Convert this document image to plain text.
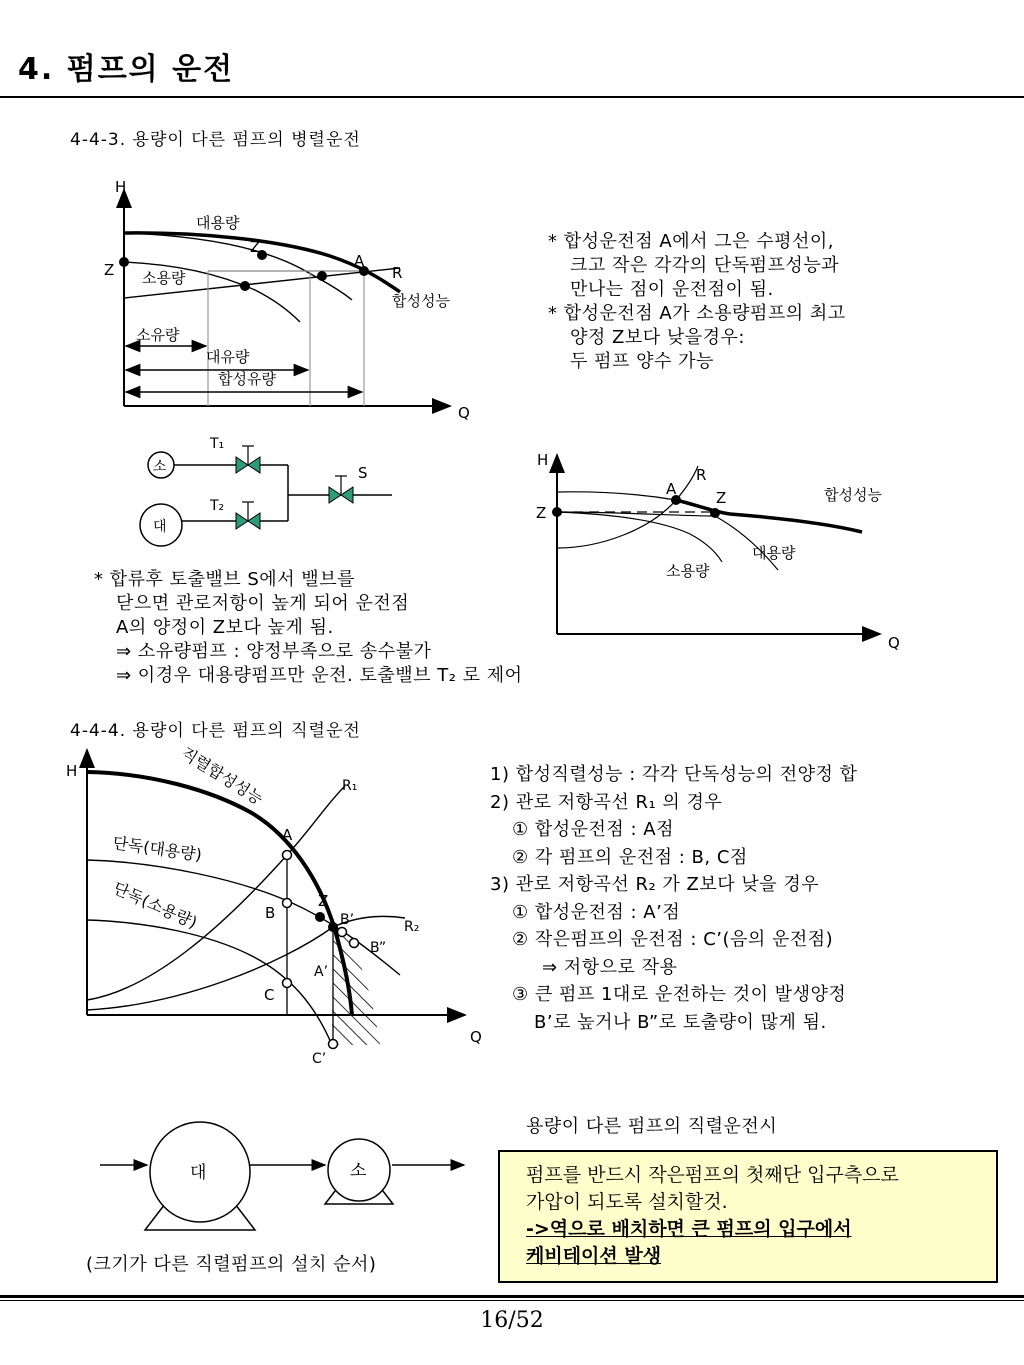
4. 펌프의 운전
4-4-3. 용량이 다른 펌프의 병렬운전
H
Q
대용량
소용량
합성성능
Z
Z
A
R
소유량
대유량
합성유량
소
대
T₁
T₂
S
H
Q
Z
A
R
Z	합성성능
대용량
소용량
H
Q
직렬합성성능
단독(대용량)
단독(소용량)
R₁
R₂
A
B
C
Z
B’
B”
A’
C’
대	소
* 합성운전점 A에서 그은 수평선이,
크고 작은 각각의 단독펌프성능과
만나는 점이 운전점이 됨.
* 합성운전점 A가 소용량펌프의 최고
양정 Z보다 낮을경우:
두 펌프 양수 가능
* 합류후 토출밸브 S에서 밸브를
닫으면 관로저항이 높게 되어 운전점
A의 양정이 Z보다 높게 됨.
⇒ 소유량펌프 : 양정부족으로 송수불가
⇒ 이경우 대용량펌프만 운전. 토출밸브 T₂ 로 제어
4-4-4. 용량이 다른 펌프의 직렬운전
1) 합성직렬성능 : 각각 단독성능의 전양정 합
2) 관로 저항곡선 R₁ 의 경우
① 합성운전점 : A점
② 각 펌프의 운전점 : B, C점
3) 관로 저항곡선 R₂ 가 Z보다 낮을 경우
① 합성운전점 : A’점
② 작은펌프의 운전점 : C’(음의 운전점)
⇒ 저항으로 작용
③ 큰 펌프 1대로 운전하는 것이 발생양정
B’로 높거나 B”로 토출량이 많게 됨.
(크기가 다른 직렬펌프의 설치 순서)
용량이 다른 펌프의 직렬운전시
펌프를 반드시 작은펌프의 첫째단 입구측으로
가압이 되도록 설치할것.
->역으로 배치하면 큰 펌프의 입구에서
케비테이션 발생
16/52
